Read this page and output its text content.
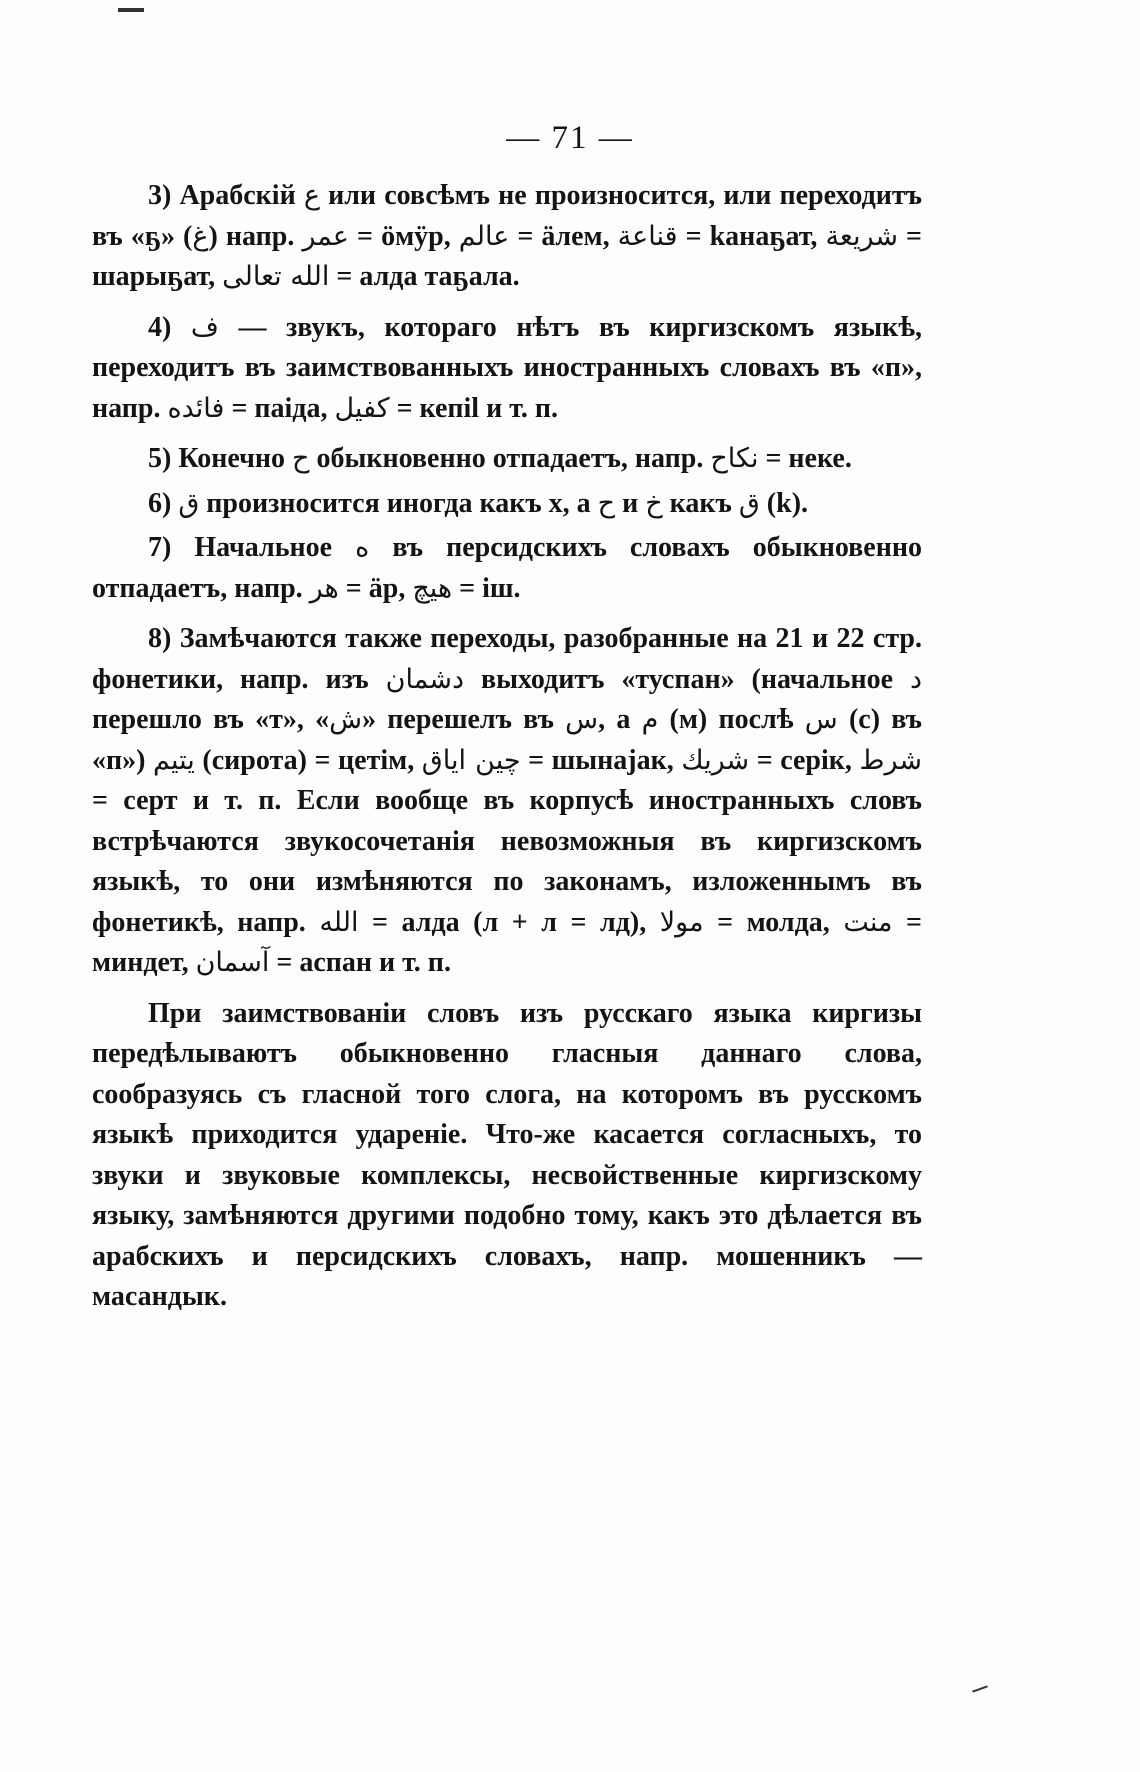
— 71 —

3) Арабскій ع или совсѣмъ не произносится, или переходитъ въ «ҕ» (غ) напр. عمر = ӧмӱр, عالم = ӓлем, قناعة = kанаҕат, شريعة = шарыҕат, الله تعالى = алда таҕала.

4) ف — звукъ, котораго нѣтъ въ киргизскомъ языкѣ, переходитъ въ заимствованныхъ иностранныхъ словахъ въ «п», напр. فائده = паіда, كفيل = кепіl и т. п.

5) Конечно ح обыкновенно отпадаетъ, напр. نكاح = неке.

6) ق произносится иногда какъ х, а ح и خ какъ ق (k).

7) Начальное ه въ персидскихъ словахъ обыкновенно отпадаетъ, напр. هر = ӓр, هيچ = іш.

8) Замѣчаются также переходы, разобранные на 21 и 22 стр. фонетики, напр. изъ دشمان выходитъ «туспан» (начальное د перешло въ «т», «ش» перешелъ въ س, а م (м) послѣ س (с) въ «п») يتيم (сирота) = цетім, چين اياق = шынаjак, شريك = серік, شرط = серт и т. п. Если вообще въ корпусѣ иностранныхъ словъ встрѣчаются звукосочетанія невозможныя въ киргизскомъ языкѣ, то они измѣняются по законамъ, изложеннымъ въ фонетикѣ, напр. الله = алда (л + л = лд), مولا = молда, منت = миндет, آسمان = аспан и т. п.

При заимствованіи словъ изъ русскаго языка киргизы передѣлываютъ обыкновенно гласныя даннаго слова, сообразуясь съ гласной того слога, на которомъ въ русскомъ языкѣ приходится удареніе. Что-же касается согласныхъ, то звуки и звуковые комплексы, несвойственные киргизскому языку, замѣняются другими подобно тому, какъ это дѣлается въ арабскихъ и персидскихъ словахъ, напр. мошенникъ — масандык.
